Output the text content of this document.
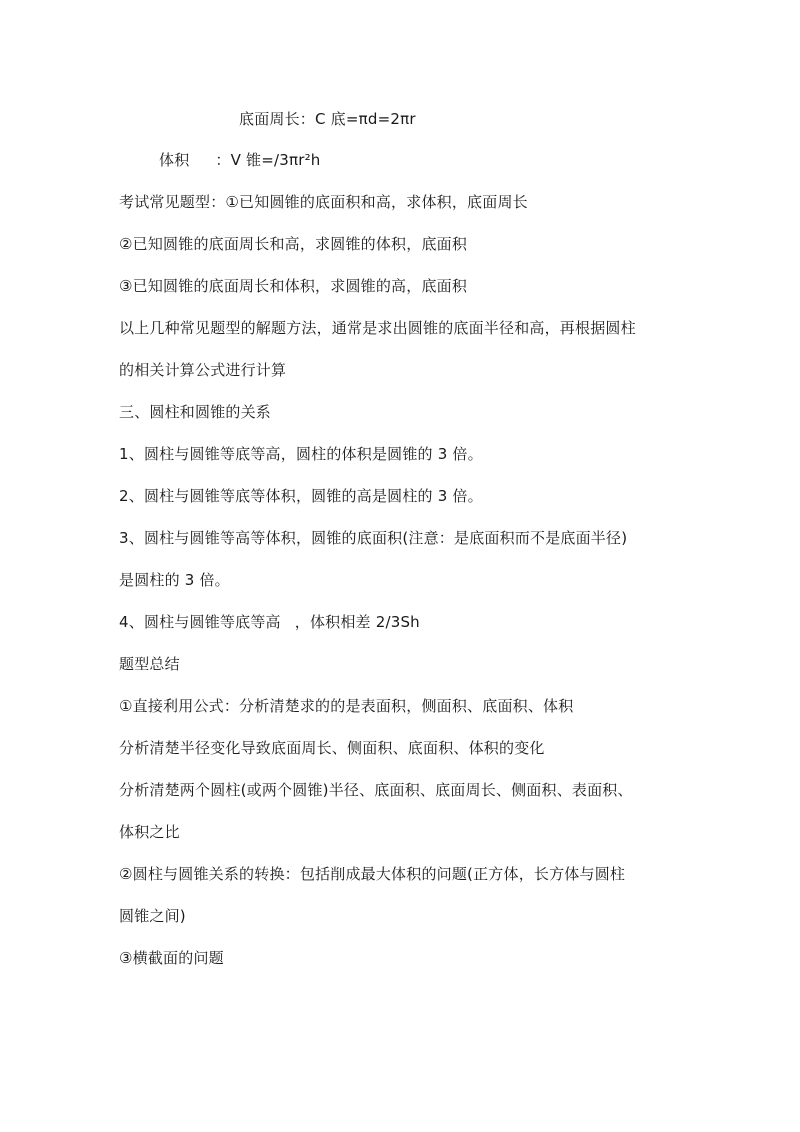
底面周长：C 底=πd=2πr
体积 ：V 锥=/3πr²h
考试常见题型：①已知圆锥的底面积和高，求体积，底面周长
②已知圆锥的底面周长和高，求圆锥的体积，底面积
③已知圆锥的底面周长和体积，求圆锥的高，底面积
以上几种常见题型的解题方法，通常是求出圆锥的底面半径和高，再根据圆柱
的相关计算公式进行计算
三、圆柱和圆锥的关系
1、圆柱与圆锥等底等高，圆柱的体积是圆锥的 3 倍。
2、圆柱与圆锥等底等体积，圆锥的高是圆柱的 3 倍。
3、圆柱与圆锥等高等体积，圆锥的底面积(注意：是底面积而不是底面半径)
是圆柱的 3 倍。
4、圆柱与圆锥等底等高 ，体积相差 2/3Sh
题型总结
①直接利用公式：分析清楚求的的是表面积，侧面积、底面积、体积
分析清楚半径变化导致底面周长、侧面积、底面积、体积的变化
分析清楚两个圆柱(或两个圆锥)半径、底面积、底面周长、侧面积、表面积、
体积之比
②圆柱与圆锥关系的转换：包括削成最大体积的问题(正方体，长方体与圆柱
圆锥之间)
③横截面的问题
